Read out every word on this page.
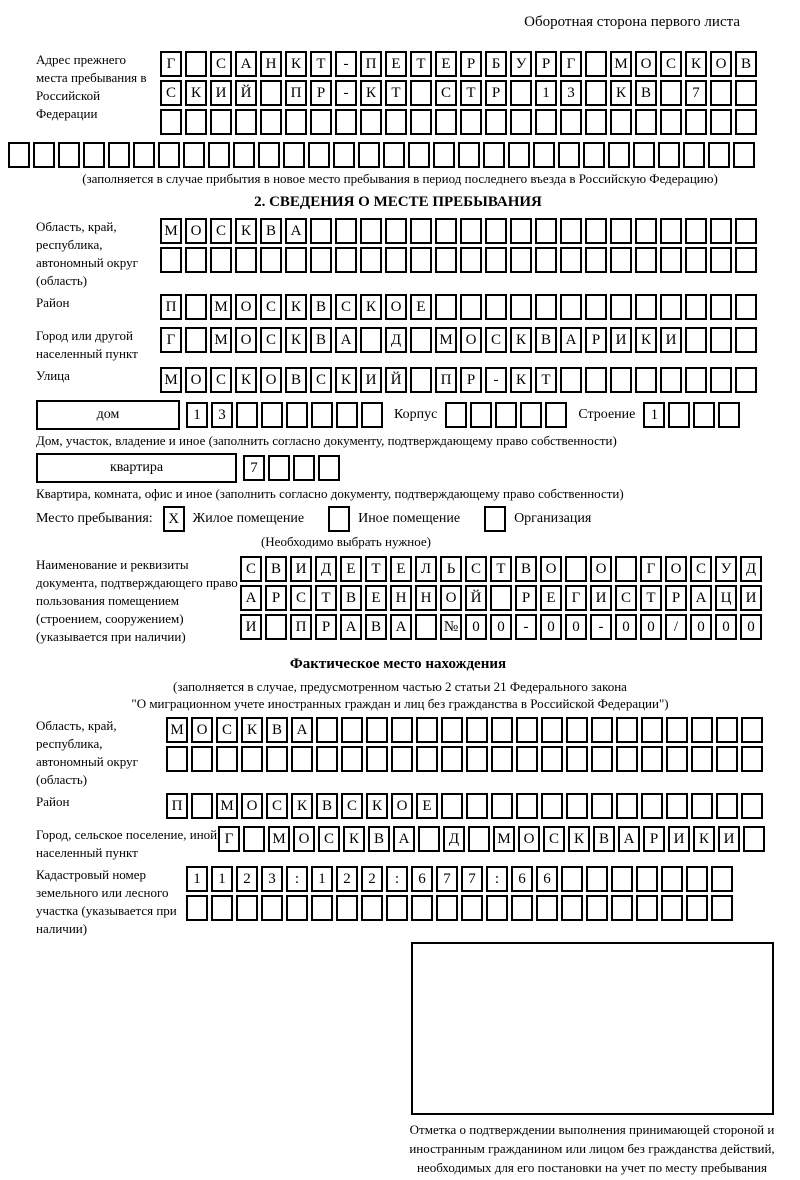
Оборотная сторона первого листа
Адрес прежнего места пребывания в Российской Федерации
Г	С А Н К	Т	-	П Е	Т	Е	Р	Б	У	Р	Г	М О С К О В
С К И Й	П	Р	-	К	Т	С	Т	Р	1	3	К В	7
(заполняется в случае прибытия в новое место пребывания в период последнего въезда в Российскую Федерацию)
2. СВЕДЕНИЯ О МЕСТЕ ПРЕБЫВАНИЯ
Область, край, республика, автономный округ (область)
М О С К В А
Район	П	М О С К В С К О Е
Город или другой населенный пункт
Г	М О С К В А	Д	М О С К В А	Р	И К И
Улица	М О С К О В С К И Й	П	Р	-	К	Т
дом	1	3	Корпус	Строение	1
Дом, участок, владение и иное (заполнить согласно документу, подтверждающему право собственности)
квартира	7
Квартира, комната, офис и иное (заполнить согласно документу, подтверждающему право собственности)
Место пребывания:	X Жилое помещение	Иное помещение	Организация
(Необходимо выбрать нужное)
Наименование и реквизиты документа, подтверждающего право пользования помещением (строением, сооружением) (указывается при наличии)
С В И Д	Е	Т	Е	Л	Ь	С	Т	В О	О	Г	О С У Д
А	Р	С	Т	В	Е	Н Н О Й	Р	Е	Г	И С	Т	Р	А Ц И
И	П	Р	А В А	№ 0	0	-	0	0	-	0	0	/	0	0	0
Фактическое место нахождения
(заполняется в случае, предусмотренном частью 2 статьи 21 Федерального закона
"О миграционном учете иностранных граждан и лиц без гражданства в Российской Федерации")
Область, край, республика, автономный округ (область)
М О С К В А
Район	П	М О С К В С К О Е
Город, сельское поселение, иной населенный пункт
Г	М О С К В А	Д	М О С К В А	Р	И К И
Кадастровый номер земельного или лесного участка (указывается при наличии)
1	1	2	3	:	1	2	2	:	6	7	7	:	6	6
Отметка о подтверждении выполнения принимающей стороной и иностранным гражданином или лицом без гражданства действий, необходимых для его постановки на учет по месту пребывания
